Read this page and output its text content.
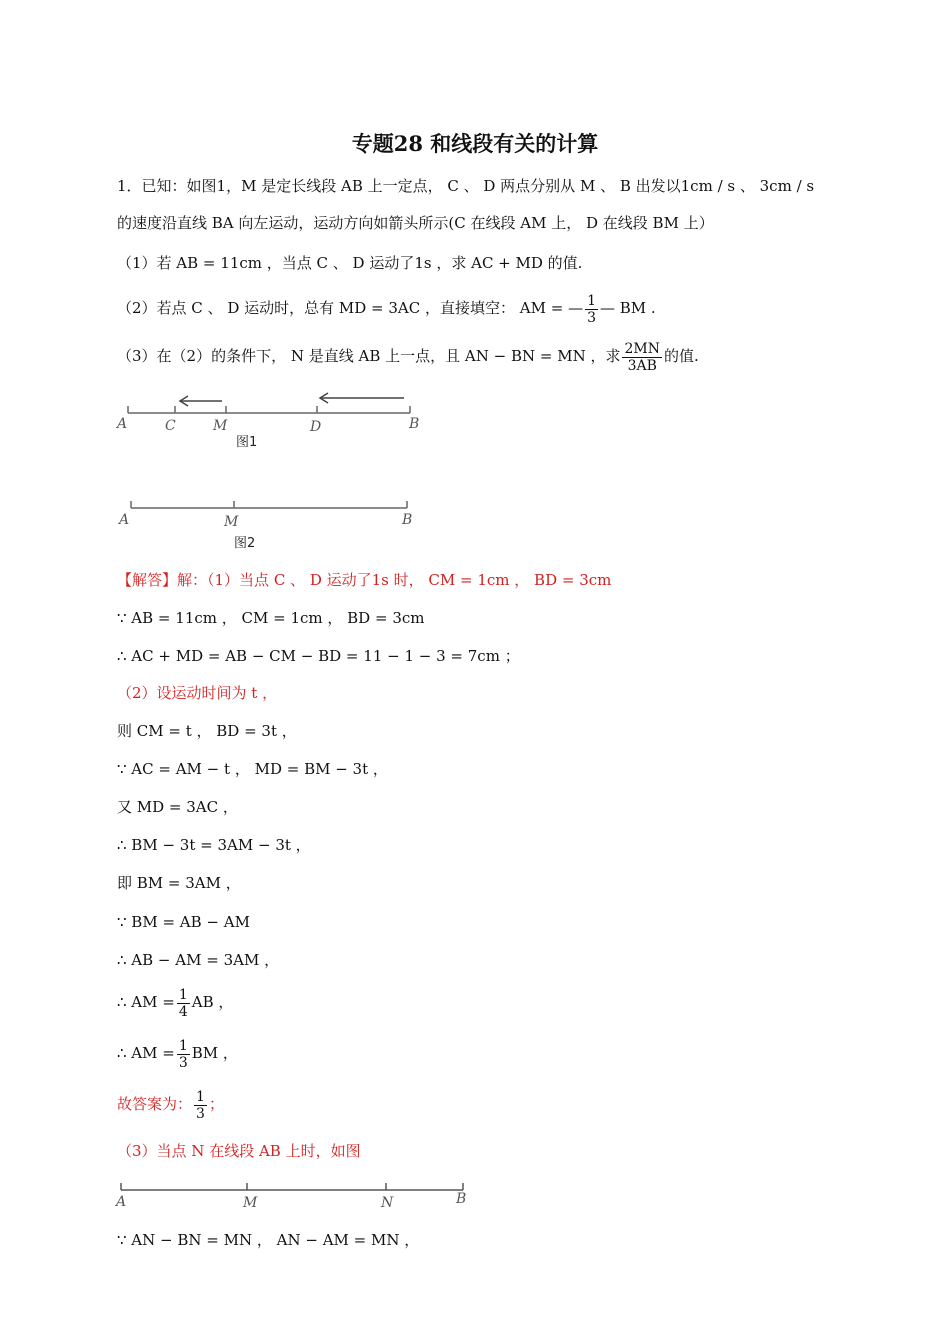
专题28 和线段有关的计算
1．已知：如图1，M 是定长线段 AB 上一定点， C 、 D 两点分别从 M 、 B 出发以1cm / s 、 3cm / s
的速度沿直线 BA 向左运动，运动方向如箭头所示(C 在线段 AM 上， D 在线段 BM 上）
（1）若 AB = 11cm ，当点 C 、 D 运动了1s ，求 AC + MD 的值.
（2）若点 C 、 D 运动时，总有 MD = 3AC ，直接填空： AM = — $\frac{1}{3}$ — BM .
（3）在（2）的条件下， N 是直线 AB 上一点，且 AN − BN = MN ，求 $\frac{2MN}{3AB}$ 的值.
A	C	M	D	B
图1
A	M	B
图2
A	M	N	B
【解答】解：（1）当点 C 、 D 运动了1s 时， CM = 1cm ， BD = 3cm
∵ AB = 11cm ， CM = 1cm ， BD = 3cm
∴ AC + MD = AB − CM − BD = 11 − 1 − 3 = 7cm ；
（2）设运动时间为 t ，
则 CM = t ， BD = 3t ，
∵ AC = AM − t ， MD = BM − 3t ，
又 MD = 3AC ，
∴ BM − 3t = 3AM − 3t ，
即 BM = 3AM ，
∵ BM = AB − AM
∴ AB − AM = 3AM ，
∴ AM = $\frac{1}{4}$ AB ，
∴ AM = $\frac{1}{3}$ BM ，
故答案为： $\frac{1}{3}$ ；
（3）当点 N 在线段 AB 上时，如图
∵ AN − BN = MN ， AN − AM = MN ，
